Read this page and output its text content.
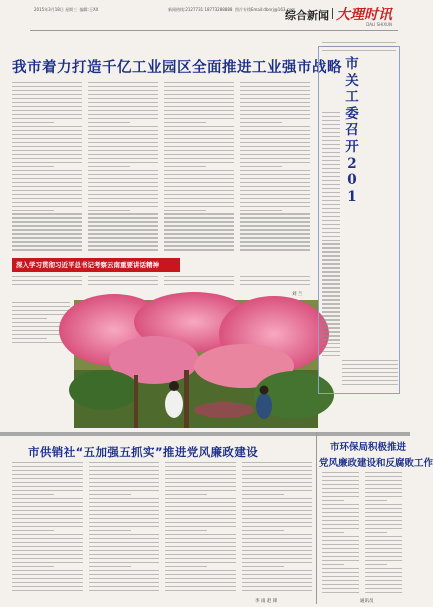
2015年3月18日 星期三 编辑:王XX	新闻热线:2127731 18773288888 图片专线Email:dbnrj@163.com
综合新闻 大理时讯
DALI SHIXUN
我市着力打造千亿工业园区全面推进工业强市战略
深入学习贯彻习近平总书记考察云南重要讲话精神
刘 兰
市
关
工
委
召
开
2
0
1
市供销社“五加强五抓实”推进党风廉政建设
李 雨 赵 锋
市环保局积极推进
党风廉政建设和反腐败工作
通讯员
